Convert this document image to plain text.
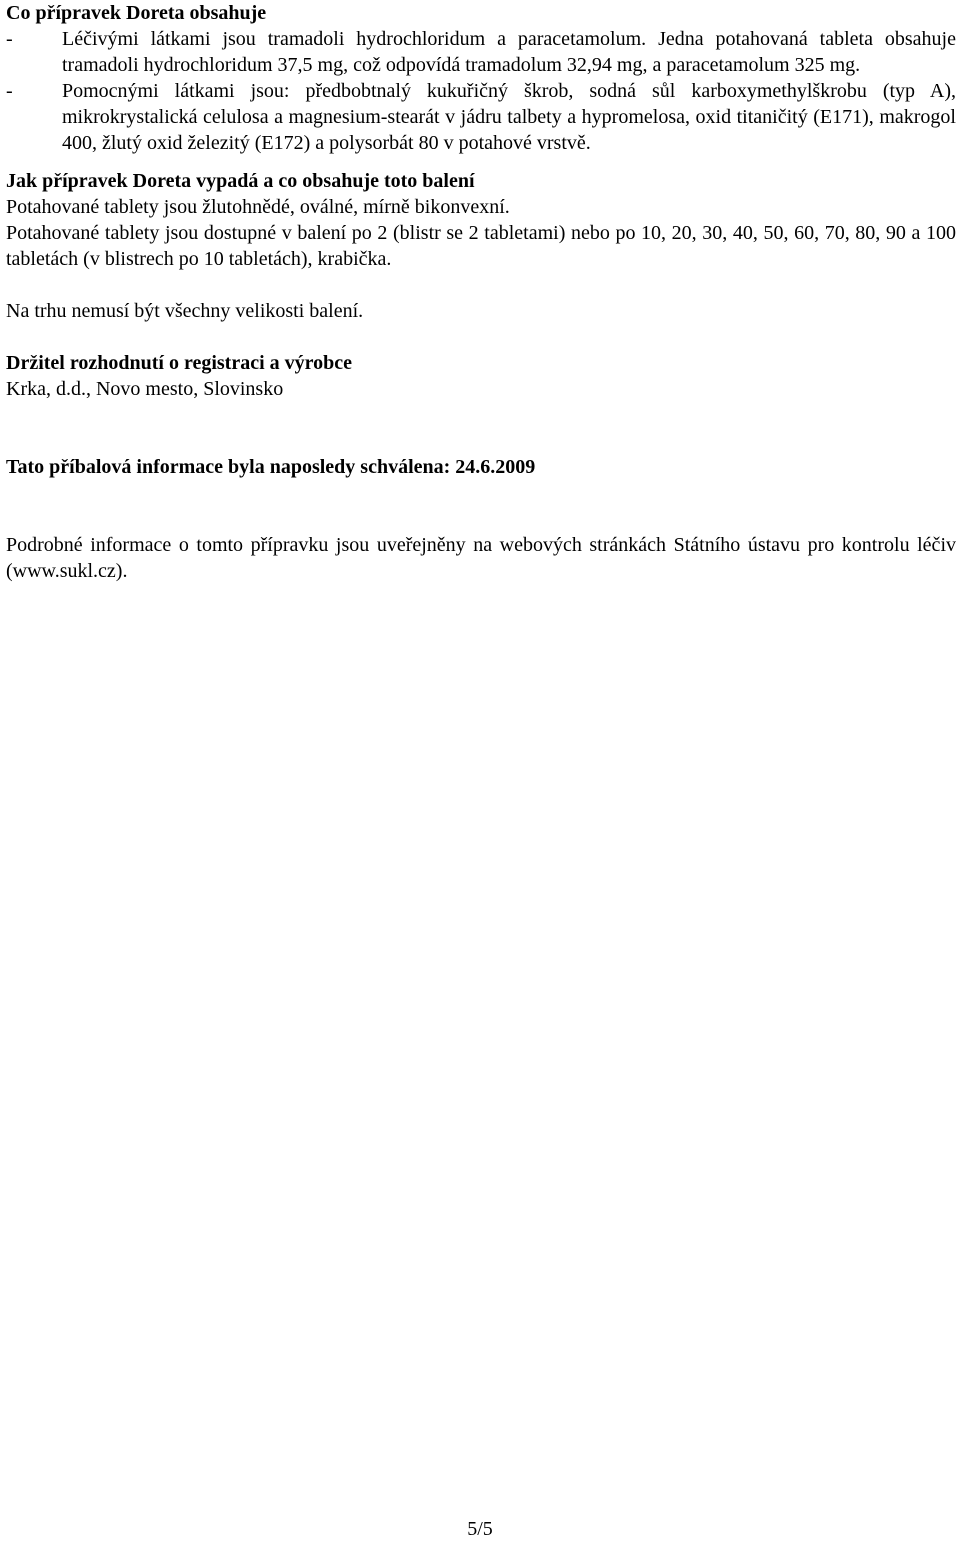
Co přípravek Doreta obsahuje

-	Léčivými látkami jsou tramadoli hydrochloridum a paracetamolum. Jedna potahovaná tableta obsahuje tramadoli hydrochloridum 37,5 mg, což odpovídá tramadolum 32,94 mg, a paracetamolum 325 mg.
-	Pomocnými látkami jsou: předbobtnalý kukuřičný škrob, sodná sůl karboxymethylškrobu (typ A), mikrokrystalická celulosa a magnesium-stearát v jádru talbety a hypromelosa, oxid titaničitý (E171), makrogol 400, žlutý oxid železitý (E172) a polysorbát 80 v potahové vrstvě.

Jak přípravek Doreta vypadá a co obsahuje toto balení

Potahované tablety jsou žlutohnědé, oválné, mírně bikonvexní.

Potahované tablety jsou dostupné v balení po 2 (blistr se 2 tabletami) nebo po 10, 20, 30, 40, 50, 60, 70, 80, 90 a 100 tabletách (v blistrech po 10 tabletách), krabička.

Na trhu nemusí být všechny velikosti balení.

Držitel rozhodnutí o registraci a výrobce

Krka, d.d., Novo mesto, Slovinsko

Tato příbalová informace byla naposledy schválena: 24.6.2009

Podrobné informace o tomto přípravku jsou uveřejněny na webových stránkách Státního ústavu pro kontrolu léčiv (www.sukl.cz).

5/5
